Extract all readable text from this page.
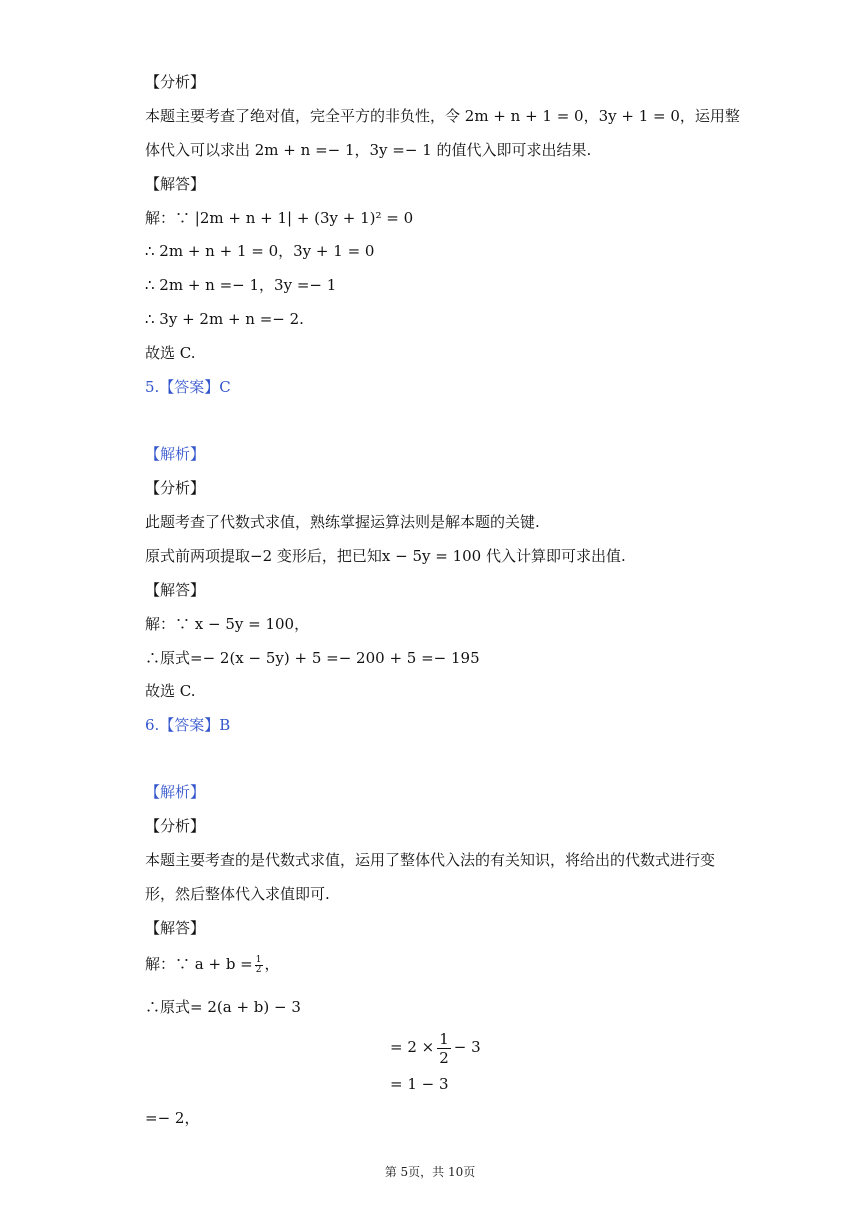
【分析】
本题主要考查了绝对值，完全平方的非负性，令 2m + n + 1 = 0，3y + 1 = 0，运用整
体代入可以求出 2m + n =− 1，3y =− 1 的值代入即可求出结果.
【解答】
解：∵ |2m + n + 1| + (3y + 1)² = 0
∴ 2m + n + 1 = 0，3y + 1 = 0
∴ 2m + n =− 1，3y =− 1
∴ 3y + 2m + n =− 2.
故选 C.
5.【答案】C
【解析】
【分析】
此题考查了代数式求值，熟练掌握运算法则是解本题的关键.
原式前两项提取−2 变形后，把已知x − 5y = 100 代入计算即可求出值.
【解答】
解：∵ x − 5y = 100，
∴原式=− 2(x − 5y) + 5 =− 200 + 5 =− 195
故选 C.
6.【答案】B
【解析】
【分析】
本题主要考查的是代数式求值，运用了整体代入法的有关知识，将给出的代数式进行变
形，然后整体代入求值即可.
【解答】
解：∵ $a + b = \frac{1}{2}$ ，
∴原式= 2(a + b) − 3
= $2 \times \frac{1}{2} - 3$
= 1 − 3
=− 2，
第 5页，共 10页
